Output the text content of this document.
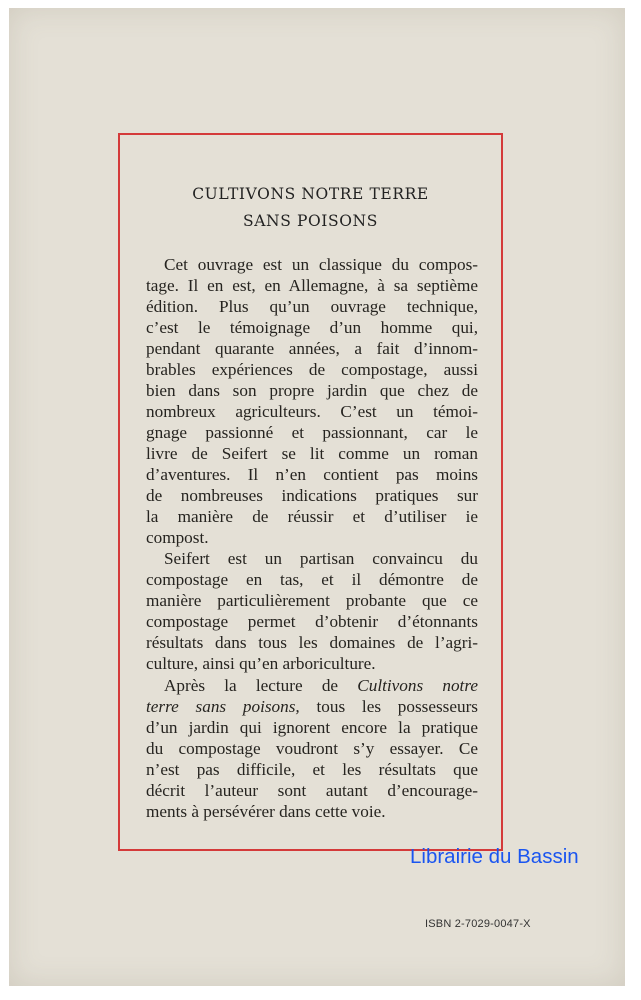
CULTIVONS NOTRE TERRE
SANS POISONS
Cet ouvrage est un classique du compos-
tage. Il en est, en Allemagne, à sa septième
édition. Plus qu’un ouvrage technique,
c’est le témoignage d’un homme qui,
pendant quarante années, a fait d’innom-
brables expériences de compostage, aussi
bien dans son propre jardin que chez de
nombreux agriculteurs. C’est un témoi-
gnage passionné et passionnant, car le
livre de Seifert se lit comme un roman
d’aventures. Il n’en contient pas moins
de nombreuses indications pratiques sur
la manière de réussir et d’utiliser ie
compost.
Seifert est un partisan convaincu du
compostage en tas, et il démontre de
manière particulièrement probante que ce
compostage permet d’obtenir d’étonnants
résultats dans tous les domaines de l’agri-
culture, ainsi qu’en arboriculture.
Après la lecture de Cultivons notre
terre sans poisons, tous les possesseurs
d’un jardin qui ignorent encore la pratique
du compostage voudront s’y essayer. Ce
n’est pas difficile, et les résultats que
décrit l’auteur sont autant d’encourage-
ments à persévérer dans cette voie.
Librairie du Bassin
ISBN 2-7029-0047-X
